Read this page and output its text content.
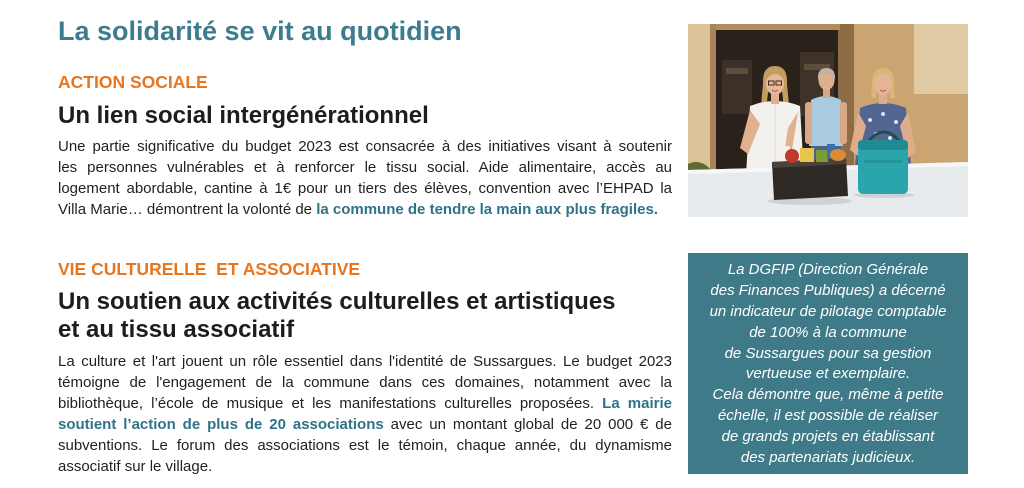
La solidarité se vit au quotidien
ACTION SOCIALE
Un lien social intergénérationnel
Une partie significative du budget 2023 est consacrée à des initiatives visant à soutenir
les personnes vulnérables et à renforcer le tissu social. Aide alimentaire, accès au
logement abordable, cantine à 1€ pour un tiers des élèves, convention avec l’EHPAD la
Villa Marie… démontrent la volonté de la commune de tendre la main aux plus fragiles.
VIE CULTURELLE  ET ASSOCIATIVE
Un soutien aux activités culturelles et artistiques
et au tissu associatif
La culture et l'art jouent un rôle essentiel dans l'identité de Sussargues. Le budget 2023
témoigne de l'engagement de la commune dans ces domaines, notamment avec la
bibliothèque, l’école de musique et les manifestations culturelles proposées. La mairie
soutient l’action de plus de 20 associations avec un montant global de 20 000 € de
subventions. Le forum des associations est le témoin, chaque année, du dynamisme
associatif sur le village.
La DGFIP (Direction Générale
des Finances Publiques) a décerné
un indicateur de pilotage comptable
de 100% à la commune
de Sussargues pour sa gestion
vertueuse et exemplaire.
Cela démontre que, même à petite
échelle, il est possible de réaliser
de grands projets en établissant
des partenariats judicieux.
